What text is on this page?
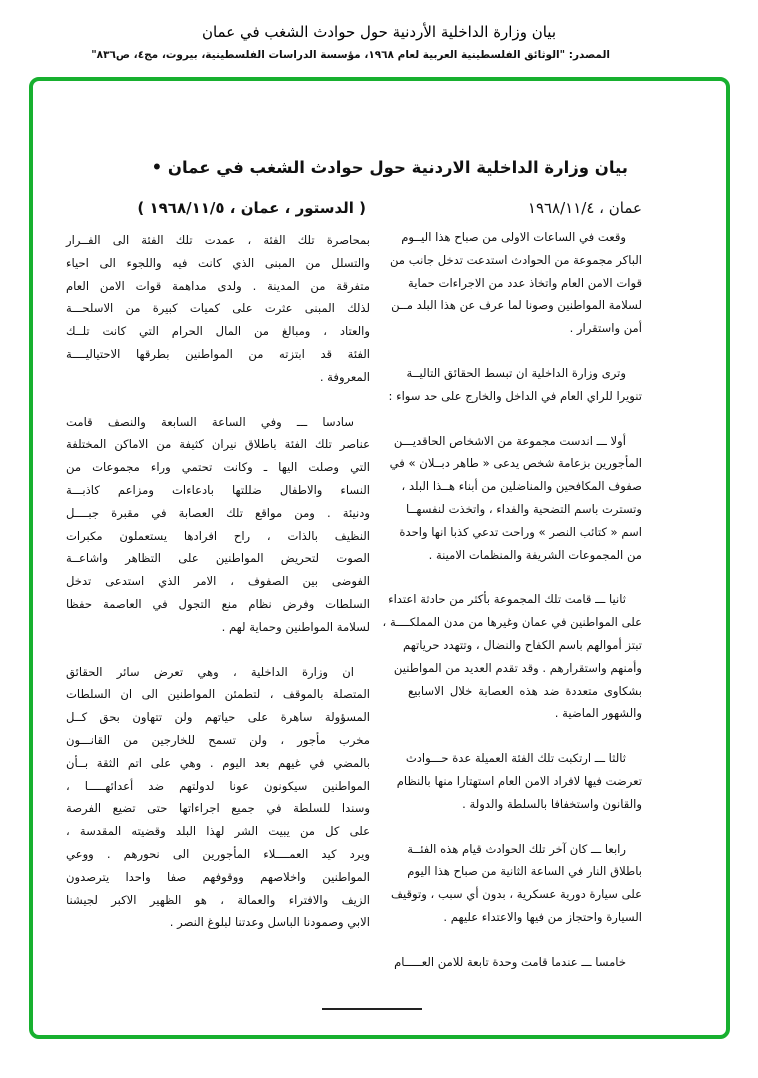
بيان وزارة الداخلية الأردنية حول حوادث الشغب في عمان
المصدر: "الوثائق الفلسطينية العربية لعام ١٩٦٨، مؤسسة الدراسات الفلسطينية، بيروت، مج٤، ص٨٣٦"
بيان وزارة الداخلية الاردنية حول حوادث الشغب في عمان •
عمان ، ١٩٦٨/١١/٤
( الدستور ، عمان ، ١٩٦٨/١١/٥ )
وقعت في الساعات الاولى من صباح هذا اليــوم
الباكر مجموعة من الحوادث استدعت تدخل جانب من
قوات الامن العام واتخاذ عدد من الاجراءات حماية
لسلامة المواطنين وصونا لما عرف عن هذا البلد مــن
أمن واستقرار .
وترى وزارة الداخلية ان تبسط الحقائق التاليــة
تنويرا للراي العام في الداخل والخارج على حد سواء :
أولا ـــ اندست مجموعة من الاشخاص الحاقديـــن
المأجورين بزعامة شخص يدعى « طاهر دبــلان » في
صفوف المكافحين والمناضلين من أبناء هــذا البلد ،
وتسترت باسم التضحية والفداء ، واتخذت لنفسهــا
اسم « كتائب النصر » وراحت تدعي كذبا انها واحدة
من المجموعات الشريفة والمنظمات الامينة .
ثانيا ـــ قامت تلك المجموعة بأكثر من حادثة اعتداء
على المواطنين في عمان وغيرها من مدن المملكــــة ،
تبتز أموالهم باسم الكفاح والنضال ، وتتهدد حرياتهم
وأمنهم واستقرارهم . وقد تقدم العديد من المواطنين
بشكاوى متعددة ضد هذه العصابة خلال الاسابيع
والشهور الماضية .
ثالثا ـــ ارتكبت تلك الفئة العميلة عدة حـــوادث
تعرضت فيها لافراد الامن العام استهتارا منها بالنظام
والقانون واستخفافا بالسلطة والدولة .
رابعا ـــ كان آخر تلك الحوادث قيام هذه الفئــة
باطلاق النار في الساعة الثانية من صباح هذا اليوم
على سيارة دورية عسكرية ، بدون أي سبب ، وتوقيف
السيارة واحتجاز من فيها والاعتداء عليهم .
خامسا ـــ عندما قامت وحدة تابعة للامن العـــــام
بمحاصرة تلك الفئة ، عمدت تلك الفئة الى الفــرار
والتسلل من المبنى الذي كانت فيه واللجوء الى احياء
متفرقة من المدينة . ولدى مداهمة قوات الامن العام
لذلك المبنى عثرت على كميات كبيرة من الاسلحـــة
والعتاد ، ومبالغ من المال الحرام التي كانت تلــك
الفئة قد ابتزته من المواطنين بطرقها الاحتياليــــة
المعروفة .
سادسا ـــ وفي الساعة السابعة والنصف قامت
عناصر تلك الفئة باطلاق نيران كثيفة من الاماكن المختلفة
التي وصلت اليها ـ وكانت تحتمي وراء مجموعات من
النساء والاطفال ضللتها بادعاءات ومزاعم كاذبـــة
ودنيئة . ومن مواقع تلك العصابة في مقبرة جبــــل
النظيف بالذات ، راح افرادها يستعملون مكبرات
الصوت لتحريض المواطنين على التظاهر واشاعــة
الفوضى بين الصفوف ، الامر الذي استدعى تدخل
السلطات وفرض نظام منع التجول في العاصمة حفظا
لسلامة المواطنين وحماية لهم .
ان وزارة الداخلية ، وهي تعرض سائر الحقائق
المتصلة بالموقف ، لتطمئن المواطنين الى ان السلطات
المسؤولة ساهرة على حياتهم ولن تتهاون بحق كــل
مخرب مأجور ، ولن تسمح للخارجين من القانـــون
بالمضي في غيهم بعد اليوم . وهي على اتم الثقة بــأن
المواطنين سيكونون عونا لدولتهم ضد أعدائهـــــا ،
وسندا للسلطة في جميع اجراءاتها حتى تضيع الفرصة
على كل من يبيت الشر لهذا البلد وقضيته المقدسة ،
ويرد كيد العمــــلاء المأجورين الى نحورهم . ووعي
المواطنين واخلاصهم ووقوفهم صفا واحدا يترصدون
الزيف والافتراء والعمالة ، هو الظهير الاكبر لجيشنا
الابي وصمودنا الباسل وعدتنا لبلوغ النصر .
